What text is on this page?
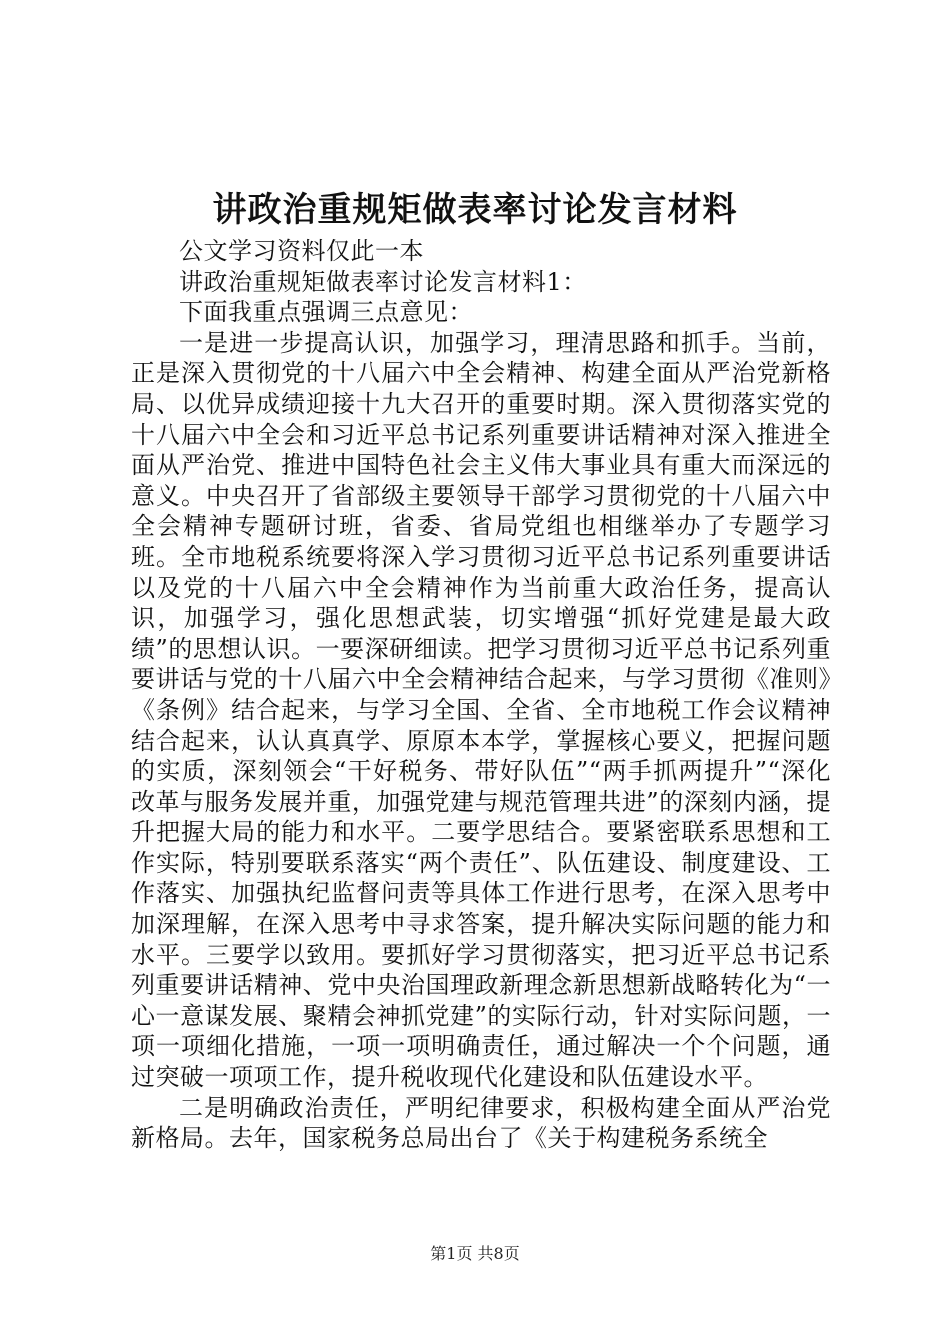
讲政治重规矩做表率讨论发言材料

公文学习资料仅此一本

讲政治重规矩做表率讨论发言材料1：

下面我重点强调三点意见：

一是进一步提高认识，加强学习，理清思路和抓手。当前，正是深入贯彻党的十八届六中全会精神、构建全面从严治党新格局、以优异成绩迎接十九大召开的重要时期。深入贯彻落实党的十八届六中全会和习近平总书记系列重要讲话精神对深入推进全面从严治党、推进中国特色社会主义伟大事业具有重大而深远的意义。中央召开了省部级主要领导干部学习贯彻党的十八届六中全会精神专题研讨班，省委、省局党组也相继举办了专题学习班。全市地税系统要将深入学习贯彻习近平总书记系列重要讲话以及党的十八届六中全会精神作为当前重大政治任务，提高认识，加强学习，强化思想武装，切实增强“抓好党建是最大政绩”的思想认识。一要深研细读。把学习贯彻习近平总书记系列重要讲话与党的十八届六中全会精神结合起来，与学习贯彻《准则》《条例》结合起来，与学习全国、全省、全市地税工作会议精神结合起来，认认真真学、原原本本学，掌握核心要义，把握问题的实质，深刻领会“干好税务、带好队伍”“两手抓两提升”“深化改革与服务发展并重，加强党建与规范管理共进”的深刻内涵，提升把握大局的能力和水平。二要学思结合。要紧密联系思想和工作实际，特别要联系落实“两个责任”、队伍建设、制度建设、工作落实、加强执纪监督问责等具体工作进行思考，在深入思考中加深理解，在深入思考中寻求答案，提升解决实际问题的能力和水平。三要学以致用。要抓好学习贯彻落实，把习近平总书记系列重要讲话精神、党中央治国理政新理念新思想新战略转化为“一心一意谋发展、聚精会神抓党建”的实际行动，针对实际问题，一项一项细化措施，一项一项明确责任，通过解决一个个问题，通过突破一项项工作，提升税收现代化建设和队伍建设水平。

二是明确政治责任，严明纪律要求，积极构建全面从严治党新格局。去年，国家税务总局出台了《关于构建税务系统全

第1页 共8页
